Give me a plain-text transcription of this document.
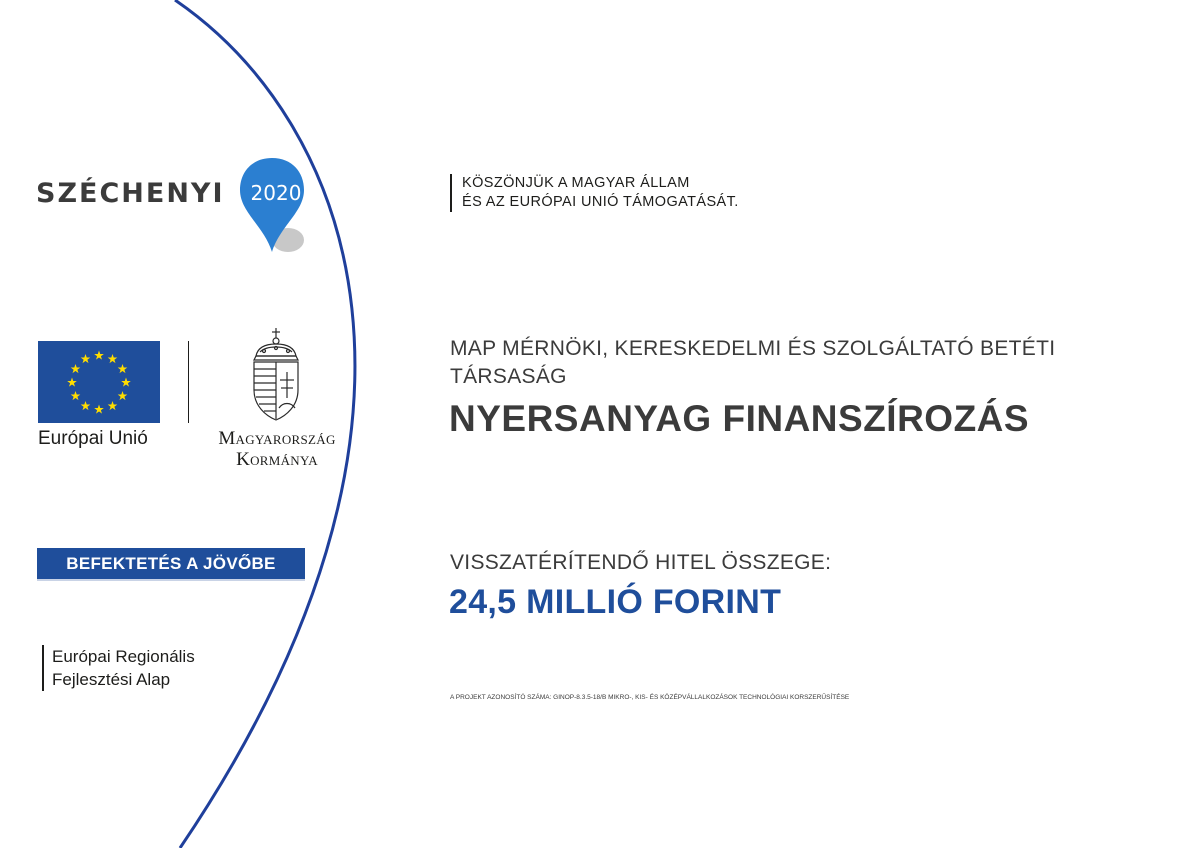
SZÉCHENYI	2020
Európai Unió	Magyarország
Kormánya
BEFEKTETÉS A JÖVŐBE
Európai Regionális
Fejlesztési Alap
KÖSZÖNJÜK A MAGYAR ÁLLAM
ÉS AZ EURÓPAI UNIÓ TÁMOGATÁSÁT.
MAP MÉRNÖKI, KERESKEDELMI ÉS SZOLGÁLTATÓ BETÉTI TÁRSASÁG
NYERSANYAG FINANSZÍROZÁS
VISSZATÉRÍTENDŐ HITEL ÖSSZEGE:
24,5 MILLIÓ FORINT
A PROJEKT AZONOSÍTÓ SZÁMA: GINOP-8.3.5-18/B MIKRO-, KIS- ÉS KÖZÉPVÁLLALKOZÁSOK TECHNOLÓGIAI KORSZERŰSÍTÉSE
